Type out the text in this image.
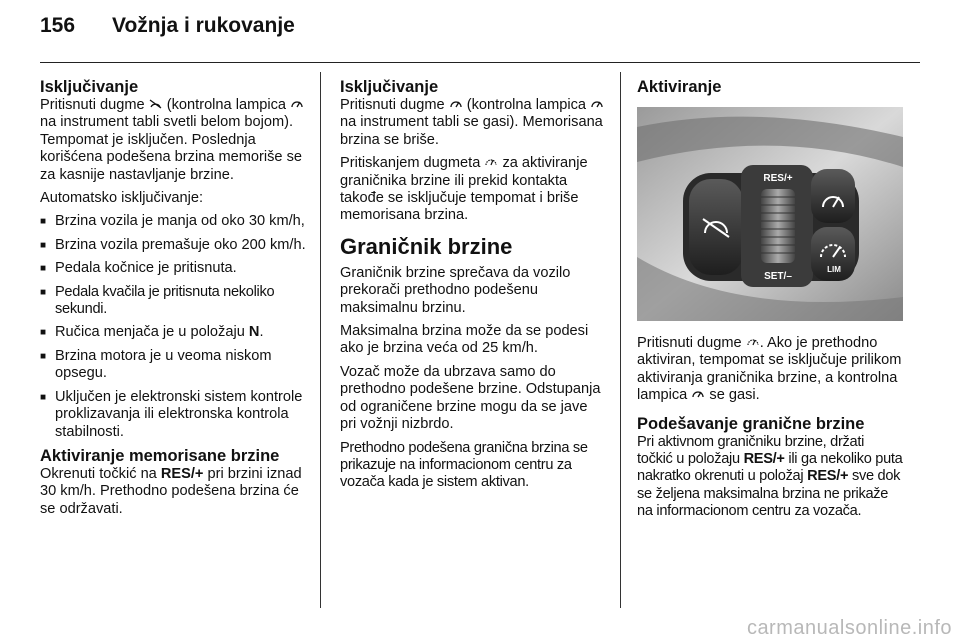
156	Vožnja i rukovanje
Isključivanje

Pritisnuti dugme (kontrolna lampica  na instrument tabli svetli belom bojom). Tempomat je isključen. Poslednja korišćena podešena brzina memoriše se za kasnije nastavljanje brzine.

Automatsko isključivanje:

■ Brzina vozila je manja od oko 30 km/h,
■ Brzina vozila premašuje oko 200 km/h.
■ Pedala kočnice je pritisnuta.
■ Pedala kvačila je pritisnuta nekoliko sekundi.
■ Ručica menjača je u položaju N.
■ Brzina motora je u veoma niskom opsegu.
■ Uključen je elektronski sistem kontrole proklizavanja ili elektronska kontrola stabilnosti.
Aktiviranje memorisane brzine

Okrenuti točkić na RES/+ pri brzini iznad 30 km/h. Prethodno podešena brzina će se održavati.

Isključivanje

Pritisnuti dugme (kontrolna lampica  na instrument tabli se gasi). Memorisana brzina se briše.

Pritiskanjem dugmeta za aktiviranje graničnika brzine ili prekid kontakta takođe se isključuje tempomat i briše memorisana brzina.

Graničnik brzine

Graničnik brzine sprečava da vozilo prekorači prethodno podešenu maksimalnu brzinu.

Maksimalna brzina može da se podesi ako je brzina veća od 25 km/h.

Vozač može da ubrzava samo do prethodno podešene brzine. Odstupanja od ograničene brzine mogu da se jave pri vožnji nizbrdo.

Prethodno podešena granična brzina se prikazuje na informacionom centru za vozača kada je sistem aktivan.

Aktiviranje
RES/+
SET/–
LIM

Pritisnuti dugme . Ako je prethodno aktiviran, tempomat se isključuje prilikom aktiviranja graničnika brzine, a kontrolna lampica se gasi.

Podešavanje granične brzine

Pri aktivnom graničniku brzine, držati točkić u položaju RES/+ ili ga nekoliko puta nakratko okrenuti u položaj RES/+ sve dok se željena maksimalna brzina ne prikaže na informacionom centru za vozača.

carmanualsonline.info
